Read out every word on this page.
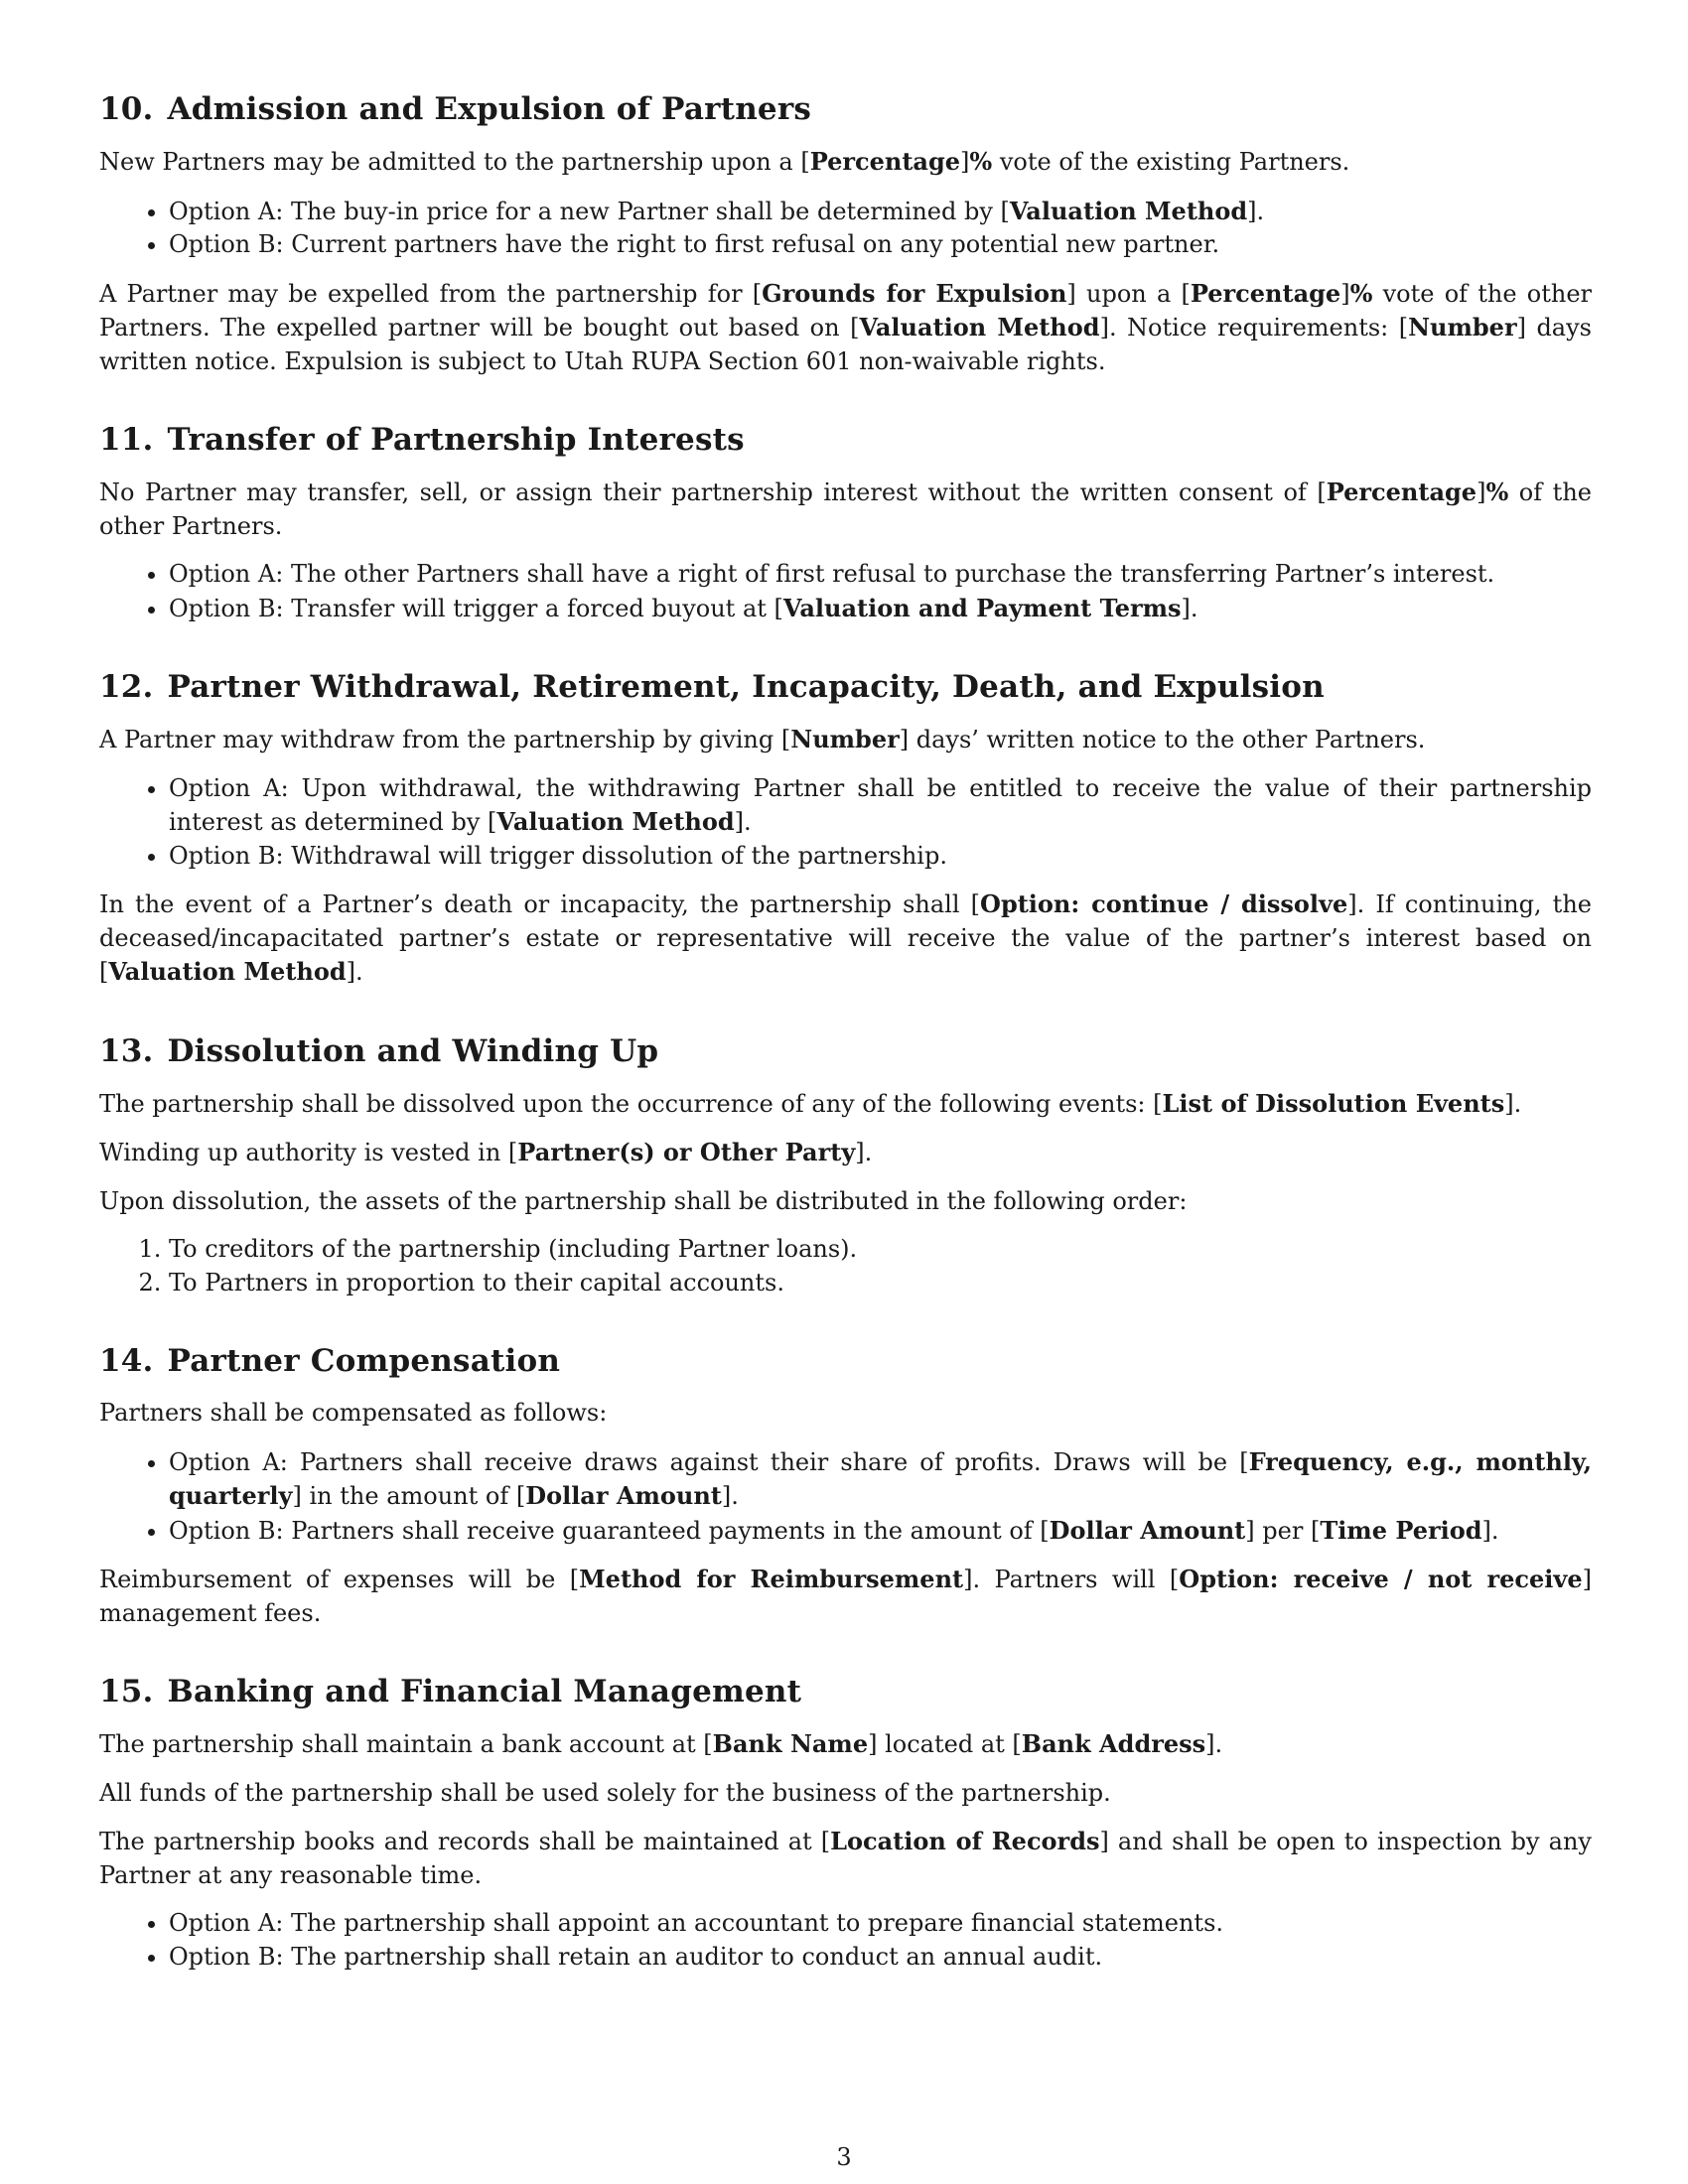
10. Admission and Expulsion of Partners

New Partners may be admitted to the partnership upon a [Percentage]% vote of the existing Partners.

• Option A: The buy-in price for a new Partner shall be determined by [Valuation Method].
• Option B: Current partners have the right to first refusal on any potential new partner.

A Partner may be expelled from the partnership for [Grounds for Expulsion] upon a [Percentage]% vote of the other Partners. The expelled partner will be bought out based on [Valuation Method]. Notice requirements: [Number] days written notice. Expulsion is subject to Utah RUPA Section 601 non-waivable rights.

11. Transfer of Partnership Interests

No Partner may transfer, sell, or assign their partnership interest without the written consent of [Percentage]% of the other Partners.

• Option A: The other Partners shall have a right of first refusal to purchase the transferring Partner’s interest.
• Option B: Transfer will trigger a forced buyout at [Valuation and Payment Terms].
12. Partner Withdrawal, Retirement, Incapacity, Death, and Expulsion

A Partner may withdraw from the partnership by giving [Number] days’ written notice to the other Partners.

• Option A: Upon withdrawal, the withdrawing Partner shall be entitled to receive the value of their partnership interest as determined by [Valuation Method].
• Option B: Withdrawal will trigger dissolution of the partnership.

In the event of a Partner’s death or incapacity, the partnership shall [Option: continue / dissolve]. If continuing, the deceased/incapacitated partner’s estate or representative will receive the value of the partner’s interest based on [Valuation Method].

13. Dissolution and Winding Up

The partnership shall be dissolved upon the occurrence of any of the following events: [List of Dissolution Events].

Winding up authority is vested in [Partner(s) or Other Party].

Upon dissolution, the assets of the partnership shall be distributed in the following order:

1. To creditors of the partnership (including Partner loans).
2. To Partners in proportion to their capital accounts.
14. Partner Compensation

Partners shall be compensated as follows:

• Option A: Partners shall receive draws against their share of profits. Draws will be [Frequency, e.g., monthly, quarterly] in the amount of [Dollar Amount].
• Option B: Partners shall receive guaranteed payments in the amount of [Dollar Amount] per [Time Period].

Reimbursement of expenses will be [Method for Reimbursement]. Partners will [Option: receive / not receive] management fees.

15. Banking and Financial Management

The partnership shall maintain a bank account at [Bank Name] located at [Bank Address].

All funds of the partnership shall be used solely for the business of the partnership.

The partnership books and records shall be maintained at [Location of Records] and shall be open to inspection by any Partner at any reasonable time.

• Option A: The partnership shall appoint an accountant to prepare financial statements.
• Option B: The partnership shall retain an auditor to conduct an annual audit.
3
